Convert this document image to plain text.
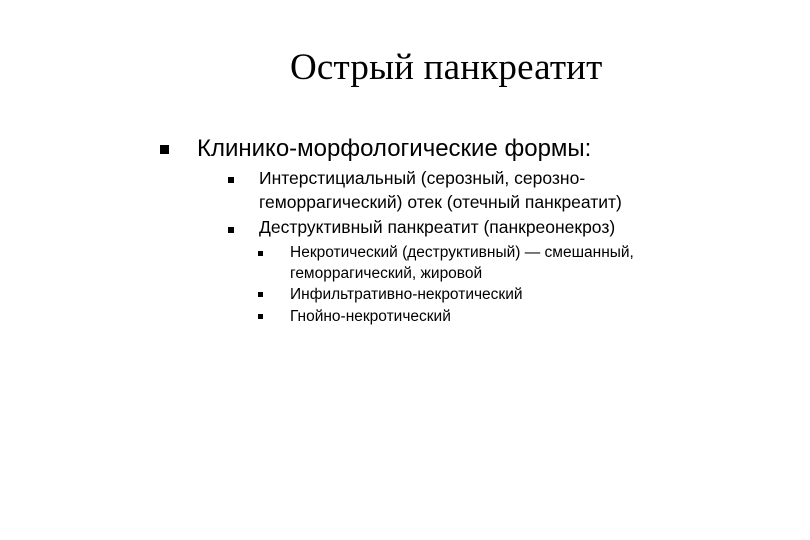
Острый панкреатит
Клинико-морфологические формы:
Интерстициальный (серозный, серозно-
геморрагический) отек (отечный панкреатит)
Деструктивный панкреатит (панкреонекроз)
Некротический (деструктивный) — смешанный,
геморрагический, жировой
Инфильтративно-некротический
Гнойно-некротический
